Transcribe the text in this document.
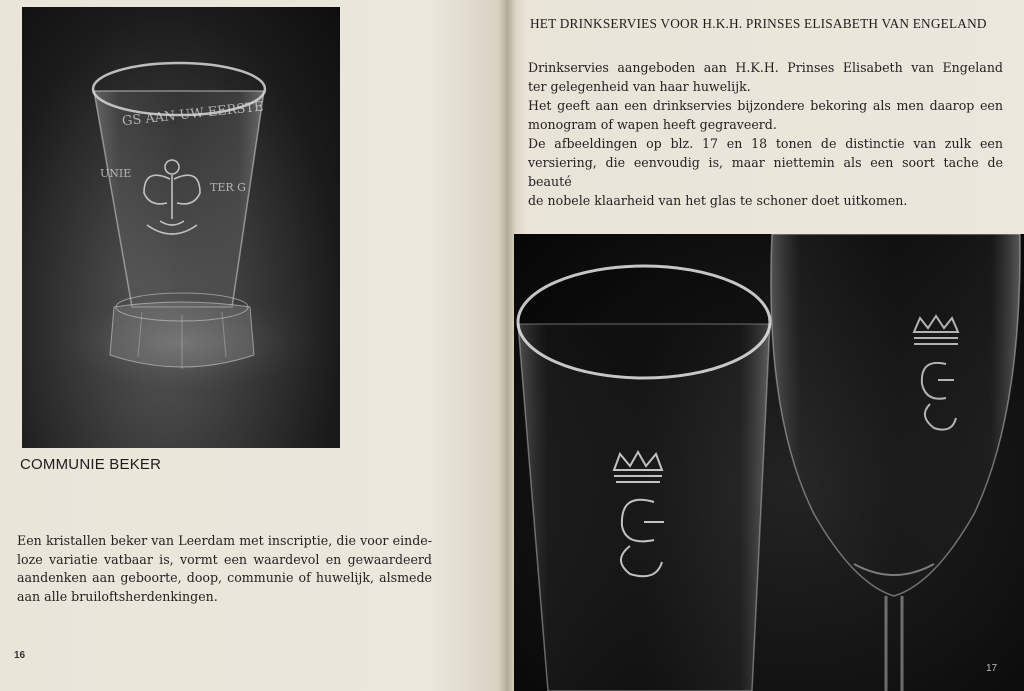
GS AAN UW EERSTE
UNIE
TER G
COMMUNIE BEKER
Een kristallen beker van Leerdam met inscriptie, die voor einde-
loze variatie vatbaar is, vormt een waardevol en gewaardeerd
aandenken aan geboorte, doop, communie of huwelijk, alsmede
aan alle bruiloftsherdenkingen.
16
HET DRINKSERVIES VOOR H.K.H. PRINSES ELISABETH VAN ENGELAND
Drinkservies aangeboden aan H.K.H. Prinses Elisabeth van Engeland
ter gelegenheid van haar huwelijk.
Het geeft aan een drinkservies bijzondere bekoring als men daarop een
monogram of wapen heeft gegraveerd.
De afbeeldingen op blz. 17 en 18 tonen de distinctie van zulk een
versiering, die eenvoudig is, maar niettemin als een soort tache de beauté
de nobele klaarheid van het glas te schoner doet uitkomen.
17
